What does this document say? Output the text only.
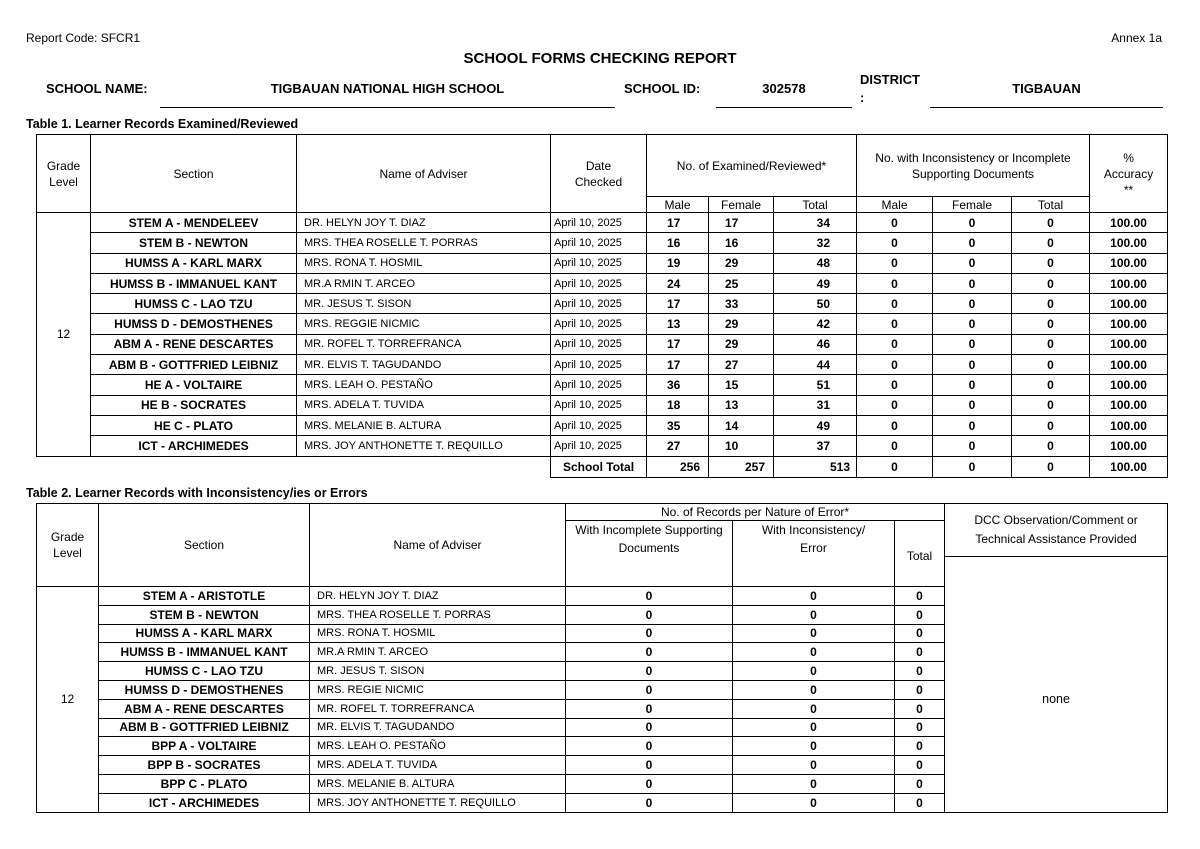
Report Code: SFCR1	Annex 1a
SCHOOL FORMS CHECKING REPORT
SCHOOL NAME:	TIGBAUAN NATIONAL HIGH SCHOOL	SCHOOL ID:	302578
DISTRICT
:
TIGBAUAN
Table 1. Learner Records Examined/Reviewed
Grade Level	Section	Name of Adviser	Date Checked	No. of Examined/Reviewed*			No. with Inconsistency or Incomplete Supporting Documents			% Accuracy **
				Male	Female	Total	Male	Female	Total	
12	STEM A - MENDELEEV	DR. HELYN JOY T. DIAZ	April 10, 2025	17	17	34	0	0	0	100.00
	STEM B - NEWTON	MRS. THEA ROSELLE T. PORRAS	April 10, 2025	16	16	32	0	0	0	100.00
	HUMSS A - KARL MARX	MRS. RONA T. HOSMIL	April 10, 2025	19	29	48	0	0	0	100.00
	HUMSS B - IMMANUEL KANT	MR.A RMIN T. ARCEO	April 10, 2025	24	25	49	0	0	0	100.00
	HUMSS C - LAO TZU	MR. JESUS T. SISON	April 10, 2025	17	33	50	0	0	0	100.00
	HUMSS D - DEMOSTHENES	MRS. REGGIE NICMIC	April 10, 2025	13	29	42	0	0	0	100.00
	ABM A - RENE DESCARTES	MR. ROFEL T. TORREFRANCA	April 10, 2025	17	29	46	0	0	0	100.00
	ABM B - GOTTFRIED LEIBNIZ	MR. ELVIS T. TAGUDANDO	April 10, 2025	17	27	44	0	0	0	100.00
	HE A - VOLTAIRE	MRS. LEAH O. PESTAÑO	April 10, 2025	36	15	51	0	0	0	100.00
	HE B - SOCRATES	MRS. ADELA T. TUVIDA	April 10, 2025	18	13	31	0	0	0	100.00
	HE C - PLATO	MRS. MELANIE B. ALTURA	April 10, 2025	35	14	49	0	0	0	100.00
	ICT - ARCHIMEDES	MRS. JOY ANTHONETTE T. REQUILLO	April 10, 2025	27	10	37	0	0	0	100.00
			School Total	256	257	513	0	0	0	100.00
Table 2. Learner Records with Inconsistency/ies or Errors
Grade Level	Section	Name of Adviser	No. of Records per Nature of Error*			DCC Observation/Comment or Technical Assistance Provided
			With Incomplete Supporting Documents	With Inconsistency/ Error	Total	

12	STEM A - ARISTOTLE	DR. HELYN JOY T. DIAZ	0	0	0	none
	STEM B - NEWTON	MRS. THEA ROSELLE T. PORRAS	0	0	0	
	HUMSS A - KARL MARX	MRS. RONA T. HOSMIL	0	0	0	
	HUMSS B - IMMANUEL KANT	MR.A RMIN T. ARCEO	0	0	0	
	HUMSS C - LAO TZU	MR. JESUS T. SISON	0	0	0	
	HUMSS D - DEMOSTHENES	MRS. REGIE NICMIC	0	0	0	
	ABM A - RENE DESCARTES	MR. ROFEL T. TORREFRANCA	0	0	0	
	ABM B - GOTTFRIED LEIBNIZ	MR. ELVIS T. TAGUDANDO	0	0	0	
	BPP A - VOLTAIRE	MRS. LEAH O. PESTAÑO	0	0	0	
	BPP B - SOCRATES	MRS. ADELA T. TUVIDA	0	0	0	
	BPP C - PLATO	MRS. MELANIE B. ALTURA	0	0	0	
	ICT - ARCHIMEDES	MRS. JOY ANTHONETTE T. REQUILLO	0	0	0	
